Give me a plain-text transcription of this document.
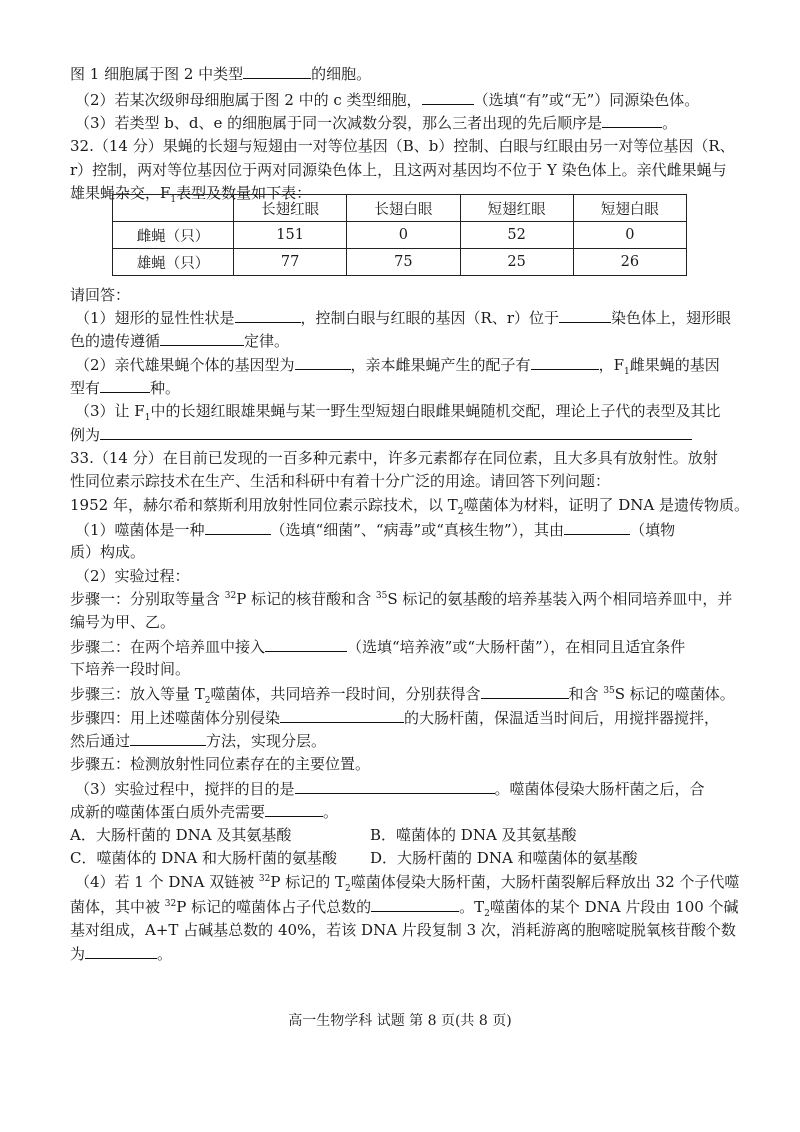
图 1 细胞属于图 2 中类型	的细胞。
（2）若某次级卵母细胞属于图 2 中的 c 类型细胞，	（选填“有”或“无”）同源染色体。
（3）若类型 b、d、e 的细胞属于同一次减数分裂，那么三者出现的先后顺序是	。
32.（14 分）果蝇的长翅与短翅由一对等位基因（B、b）控制、白眼与红眼由另一对等位基因（R、
r）控制，两对等位基因位于两对同源染色体上，且这两对基因均不位于 Y 染色体上。亲代雌果蝇与
雄果蝇杂交，$F_1$表型及数量如下表：
	长翅红眼	长翅白眼	短翅红眼	短翅白眼
雌蝇（只）	151	0	52	0
雄蝇（只）	77	75	25	26
请回答：
（1）翅形的显性性状是	，控制白眼与红眼的基因（R、r）位于	染色体上，翅形眼
色的遗传遵循	定律。
（2）亲代雄果蝇个体的基因型为	，亲本雌果蝇产生的配子有	，$F_1$雌果蝇的基因
型有	种。
（3）让 $F_1$中的长翅红眼雄果蝇与某一野生型短翅白眼雌果蝇随机交配，理论上子代的表型及其比
例为
33.（14 分）在目前已发现的一百多种元素中，许多元素都存在同位素，且大多具有放射性。放射
性同位素示踪技术在生产、生活和科研中有着十分广泛的用途。请回答下列问题：
1952 年，赫尔希和蔡斯利用放射性同位素示踪技术，以 $T_2$噬菌体为材料，证明了 DNA 是遗传物质。
（1）噬菌体是一种	（选填“细菌”、“病毒”或“真核生物”），其由	（填物
质）构成。
（2）实验过程：
步骤一：分别取等量含 $^{32}$P 标记的核苷酸和含 $^{35}$S 标记的氨基酸的培养基装入两个相同培养皿中，并
编号为甲、乙。
步骤二：在两个培养皿中接入	（选填“培养液”或“大肠杆菌”），在相同且适宜条件
下培养一段时间。
步骤三：放入等量 $T_2$噬菌体，共同培养一段时间，分别获得含	和含 $^{35}$S 标记的噬菌体。
步骤四：用上述噬菌体分别侵染	的大肠杆菌，保温适当时间后，用搅拌器搅拌，
然后通过	方法，实现分层。
步骤五：检测放射性同位素存在的主要位置。
（3）实验过程中，搅拌的目的是	。噬菌体侵染大肠杆菌之后，合
成新的噬菌体蛋白质外壳需要	。
A．大肠杆菌的 DNA 及其氨基酸	B．噬菌体的 DNA 及其氨基酸
C．噬菌体的 DNA 和大肠杆菌的氨基酸 D．大肠杆菌的 DNA 和噬菌体的氨基酸
（4）若 1 个 DNA 双链被 $^{32}$P 标记的 $T_2$噬菌体侵染大肠杆菌，大肠杆菌裂解后释放出 32 个子代噬
菌体，其中被 $^{32}$P 标记的噬菌体占子代总数的	。$T_2$噬菌体的某个 DNA 片段由 100 个碱
基对组成，A+T 占碱基总数的 40%，若该 DNA 片段复制 3 次，消耗游离的胞嘧啶脱氧核苷酸个数
为	。
高一生物学科 试题 第 8 页(共 8 页)
